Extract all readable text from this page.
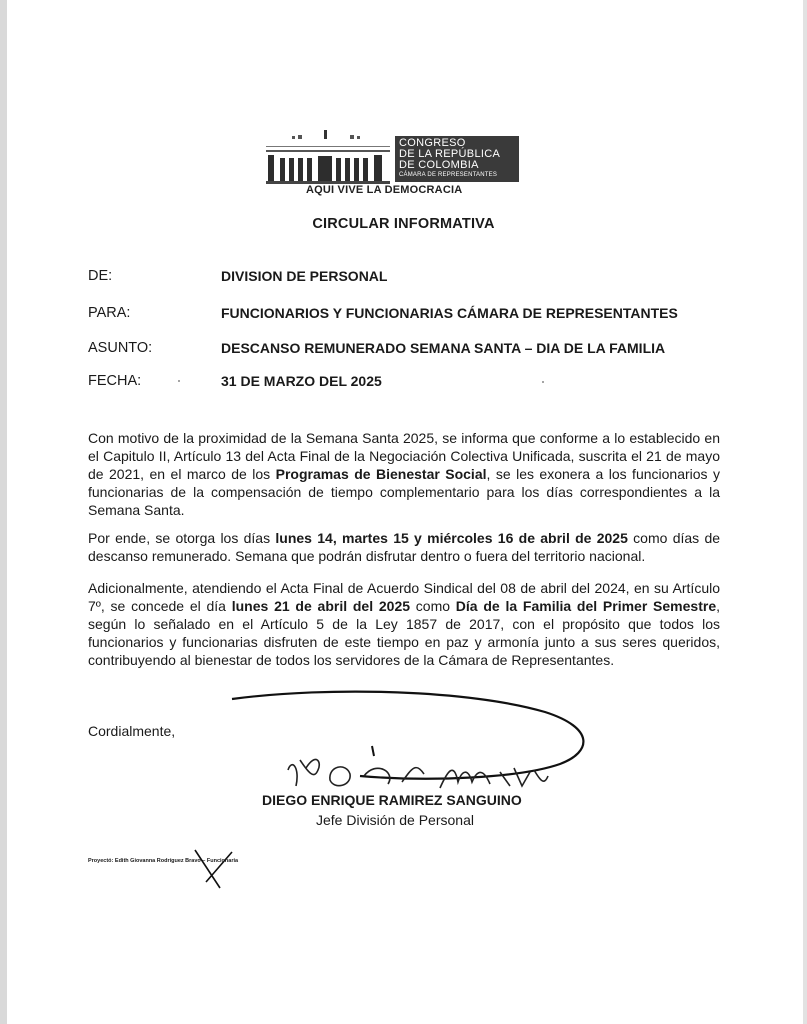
CONGRESO
DE LA REPÚBLICA
DE COLOMBIA
CÁMARA DE REPRESENTANTES
AQUI VIVE LA DEMOCRACIA
CIRCULAR INFORMATIVA
DE:	DIVISION DE PERSONAL
PARA:	FUNCIONARIOS Y FUNCIONARIAS CÁMARA DE REPRESENTANTES
ASUNTO:	DESCANSO REMUNERADO SEMANA SANTA – DIA DE LA FAMILIA
FECHA:	31 DE MARZO DEL 2025
Con motivo de la proximidad de la Semana Santa 2025, se informa que conforme a lo establecido en el Capitulo II, Artículo 13 del Acta Final de la Negociación Colectiva Unificada, suscrita el 21 de mayo de 2021, en el marco de los Programas de Bienestar Social, se les exonera a los funcionarios y funcionarias de la compensación de tiempo complementario para los días correspondientes a la Semana Santa.
Por ende, se otorga los días lunes 14, martes 15 y miércoles 16 de abril de 2025 como días de descanso remunerado. Semana que podrán disfrutar dentro o fuera del territorio nacional.
Adicionalmente, atendiendo el Acta Final de Acuerdo Sindical del 08 de abril del 2024, en su Artículo 7º, se concede el día lunes 21 de abril del 2025 como Día de la Familia del Primer Semestre, según lo señalado en el Artículo 5 de la Ley 1857 de 2017, con el propósito que todos los funcionarios y funcionarias disfruten de este tiempo en paz y armonía junto a sus seres queridos, contribuyendo al bienestar de todos los servidores de la Cámara de Representantes.
Cordialmente,
DIEGO ENRIQUE RAMIREZ SANGUINO
Jefe División de Personal
Proyectó: Edith Giovanna Rodríguez Bravo – Funcionaria
